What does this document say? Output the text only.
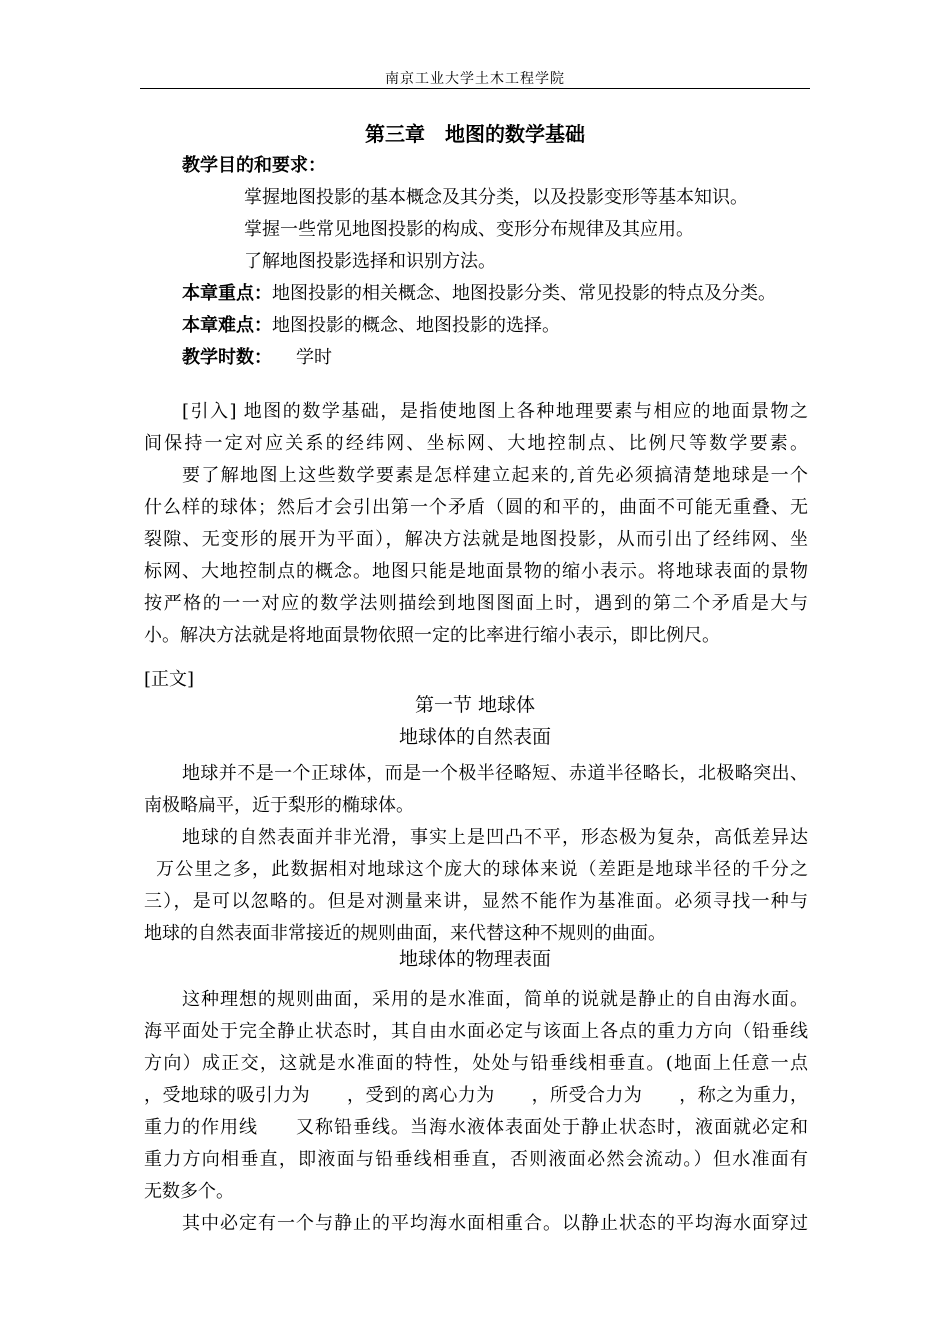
南京工业大学土木工程学院
第三章　地图的数学基础
教学目的和要求：
掌握地图投影的基本概念及其分类，以及投影变形等基本知识。
掌握一些常见地图投影的构成、变形分布规律及其应用。
了解地图投影选择和识别方法。
本章重点：地图投影的相关概念、地图投影分类、常见投影的特点及分类。
本章难点：地图投影的概念、地图投影的选择。
教学时数： 学时
[引入] 地图的数学基础，是指使地图上各种地理要素与相应的地面景物之
间保持一定对应关系的经纬网、坐标网、大地控制点、比例尺等数学要素。
要了解地图上这些数学要素是怎样建立起来的,首先必须搞清楚地球是一个
什么样的球体；然后才会引出第一个矛盾（圆的和平的，曲面不可能无重叠、无
裂隙、无变形的展开为平面），解决方法就是地图投影，从而引出了经纬网、坐
标网、大地控制点的概念。地图只能是地面景物的缩小表示。将地球表面的景物
按严格的一一对应的数学法则描绘到地图图面上时，遇到的第二个矛盾是大与
小。解决方法就是将地面景物依照一定的比率进行缩小表示，即比例尺。
[正文]
第一节 地球体
地球体的自然表面
地球并不是一个正球体，而是一个极半径略短、赤道半径略长，北极略突出、
南极略扁平，近于梨形的椭球体。
地球的自然表面并非光滑，事实上是凹凸不平，形态极为复杂，高低差异达
万公里之多，此数据相对地球这个庞大的球体来说（差距是地球半径的千分之
三），是可以忽略的。但是对测量来讲，显然不能作为基准面。必须寻找一种与
地球的自然表面非常接近的规则曲面，来代替这种不规则的曲面。
地球体的物理表面
这种理想的规则曲面，采用的是水准面，简单的说就是静止的自由海水面。
海平面处于完全静止状态时，其自由水面必定与该面上各点的重力方向（铅垂线
方向）成正交，这就是水准面的特性，处处与铅垂线相垂直。(地面上任意一点
，受地球的吸引力为　　，受到的离心力为　　，所受合力为　　，称之为重力，
重力的作用线　　又称铅垂线。当海水液体表面处于静止状态时，液面就必定和
重力方向相垂直，即液面与铅垂线相垂直，否则液面必然会流动。）但水准面有
无数多个。
其中必定有一个与静止的平均海水面相重合。以静止状态的平均海水面穿过
